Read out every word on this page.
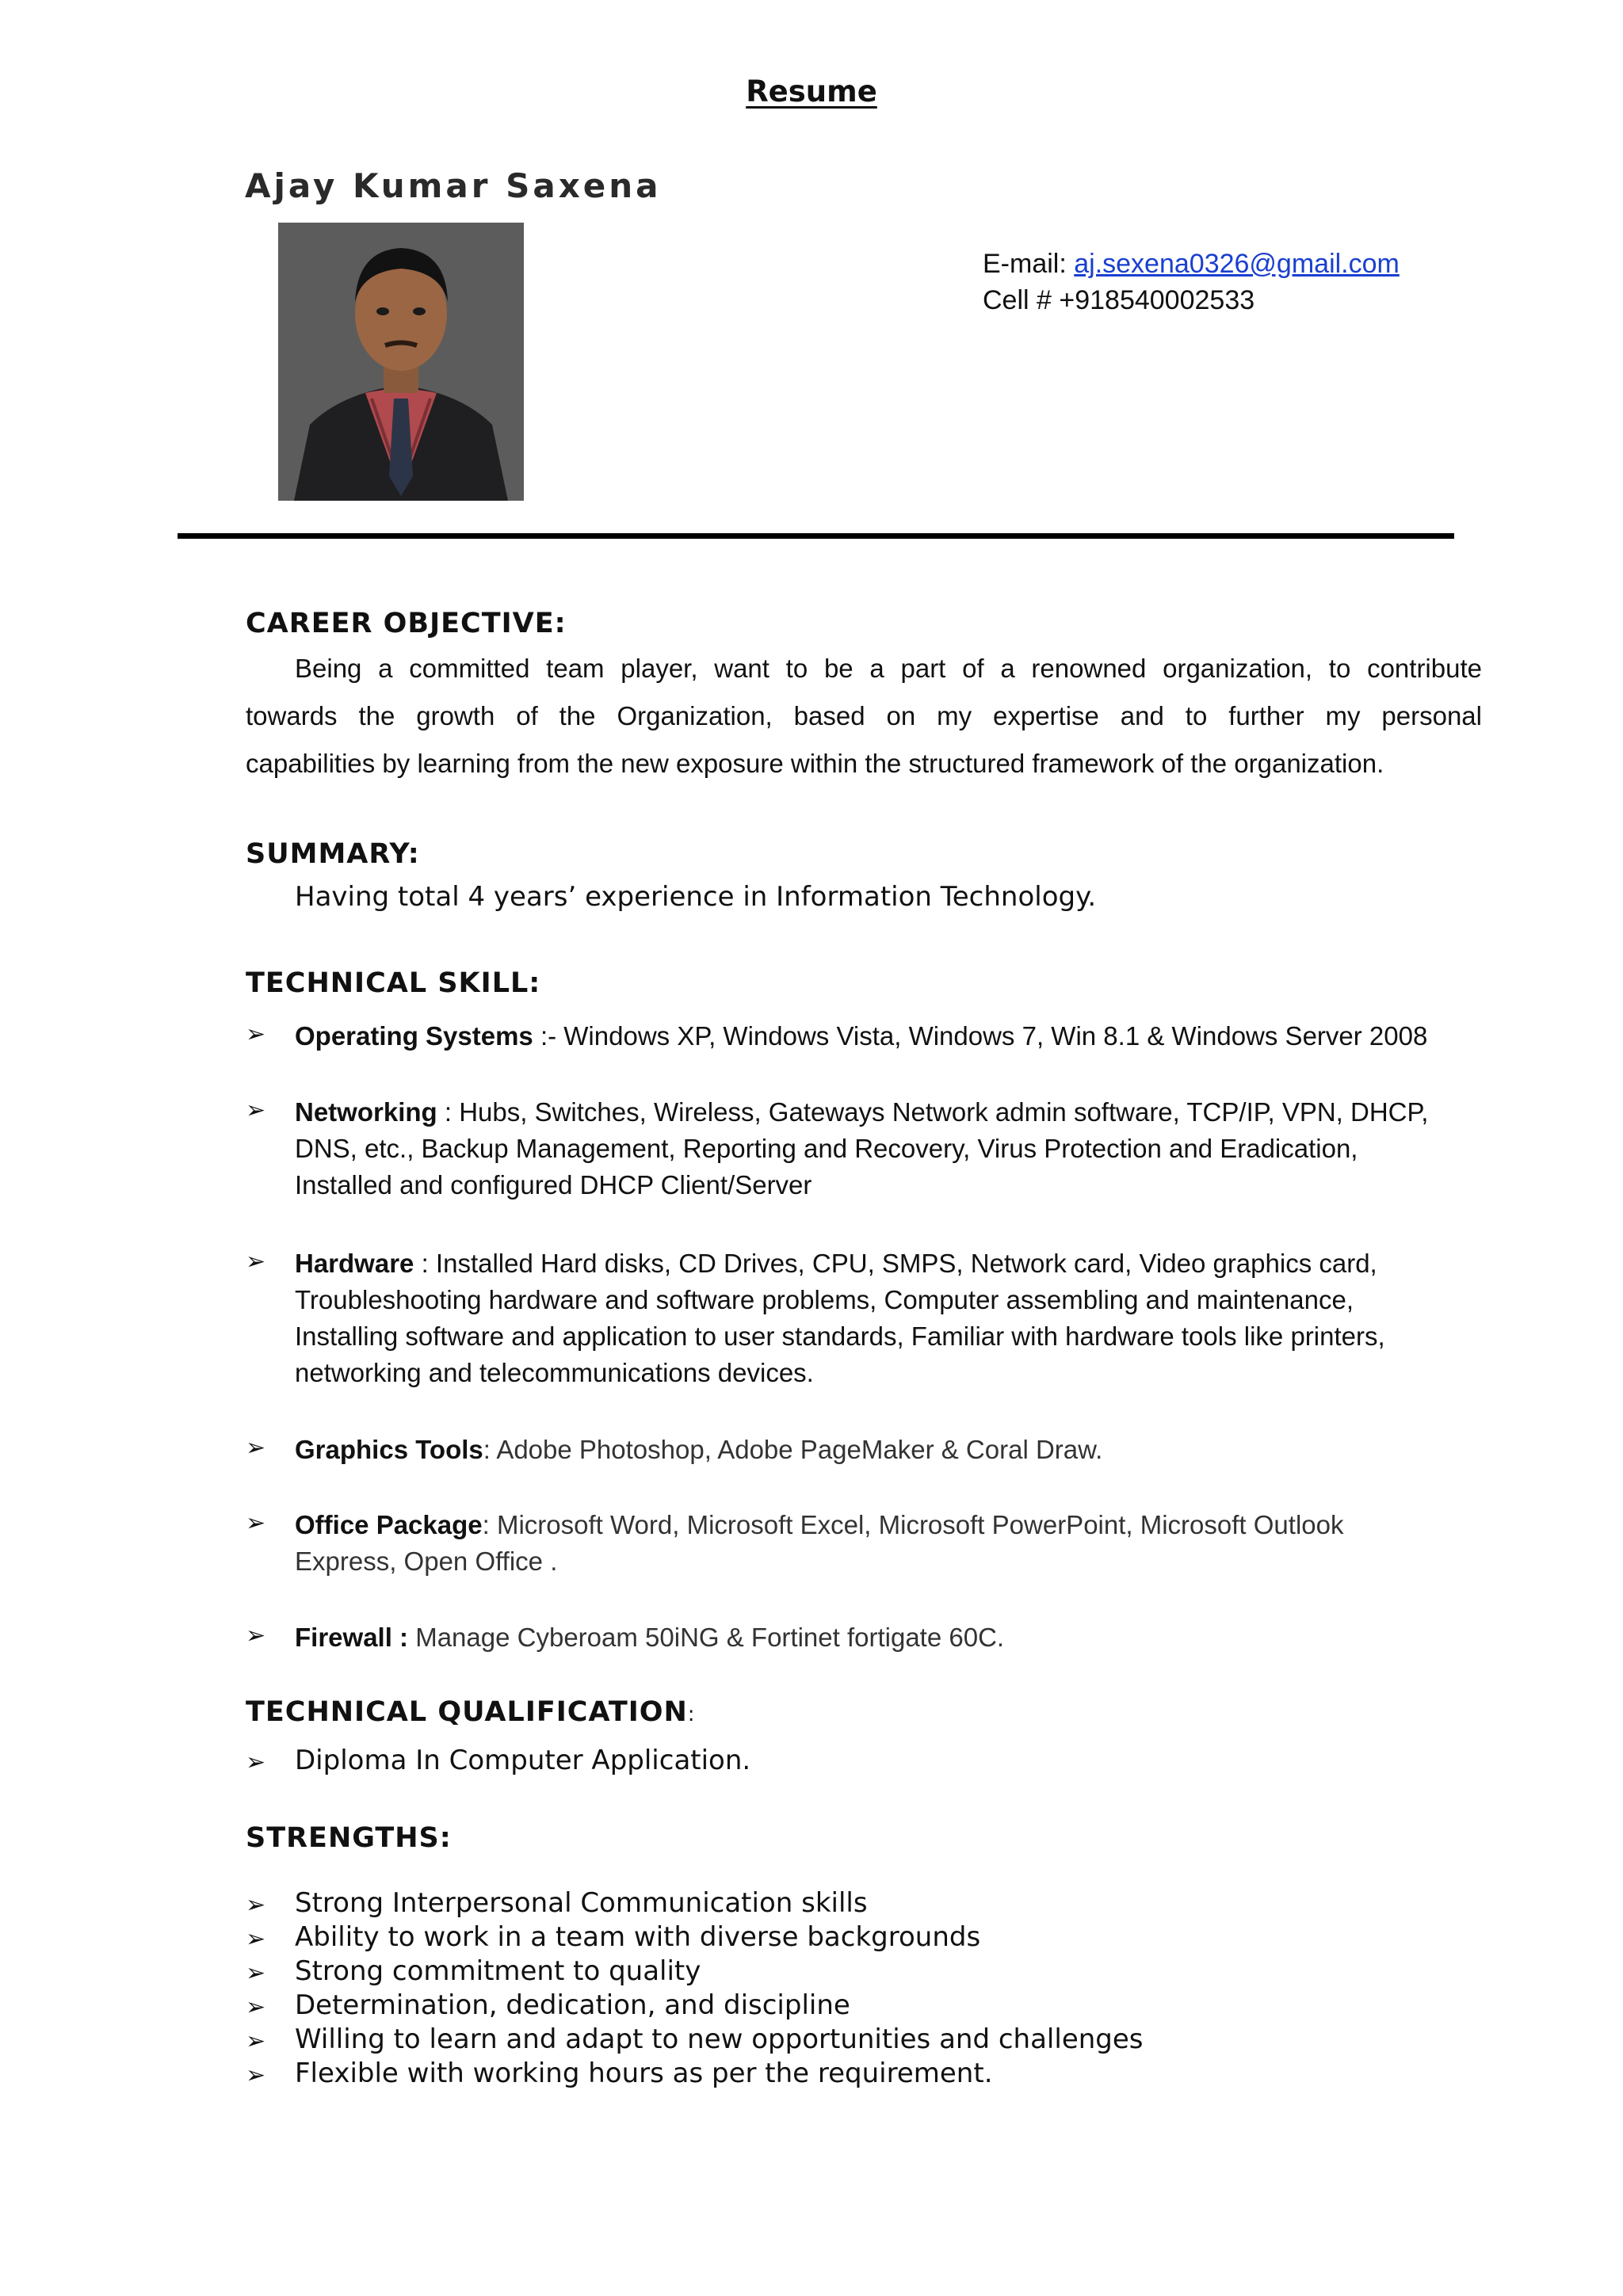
Resume
Ajay Kumar Saxena
E-mail: aj.sexena0326@gmail.com
Cell # +918540002533
CAREER OBJECTIVE:
Being a committed team player, want to be a part of a renowned organization, to contribute
towards the growth of the Organization, based on my expertise and to further my personal
capabilities by learning from the new exposure within the structured framework of the organization.
SUMMARY:
Having total 4 years’ experience in Information Technology.
TECHNICAL SKILL:
➢ Operating Systems :- Windows XP, Windows Vista, Windows 7, Win 8.1 & Windows Server 2008
➢ Networking : Hubs, Switches, Wireless, Gateways Network admin software, TCP/IP, VPN, DHCP,
DNS, etc., Backup Management, Reporting and Recovery, Virus Protection and Eradication,
Installed and configured DHCP Client/Server
➢ Hardware : Installed Hard disks, CD Drives, CPU, SMPS, Network card, Video graphics card,
Troubleshooting hardware and software problems, Computer assembling and maintenance,
Installing software and application to user standards, Familiar with hardware tools like printers,
networking and telecommunications devices.
➢ Graphics Tools: Adobe Photoshop, Adobe PageMaker & Coral Draw.
➢ Office Package: Microsoft Word, Microsoft Excel, Microsoft PowerPoint, Microsoft Outlook
Express, Open Office .
➢ Firewall : Manage Cyberoam 50iNG & Fortinet fortigate 60C.
TECHNICAL QUALIFICATION:
➢ Diploma In Computer Application.
STRENGTHS:
➢ Strong Interpersonal Communication skills
➢ Ability to work in a team with diverse backgrounds
➢ Strong commitment to quality
➢ Determination, dedication, and discipline
➢ Willing to learn and adapt to new opportunities and challenges
➢ Flexible with working hours as per the requirement.
